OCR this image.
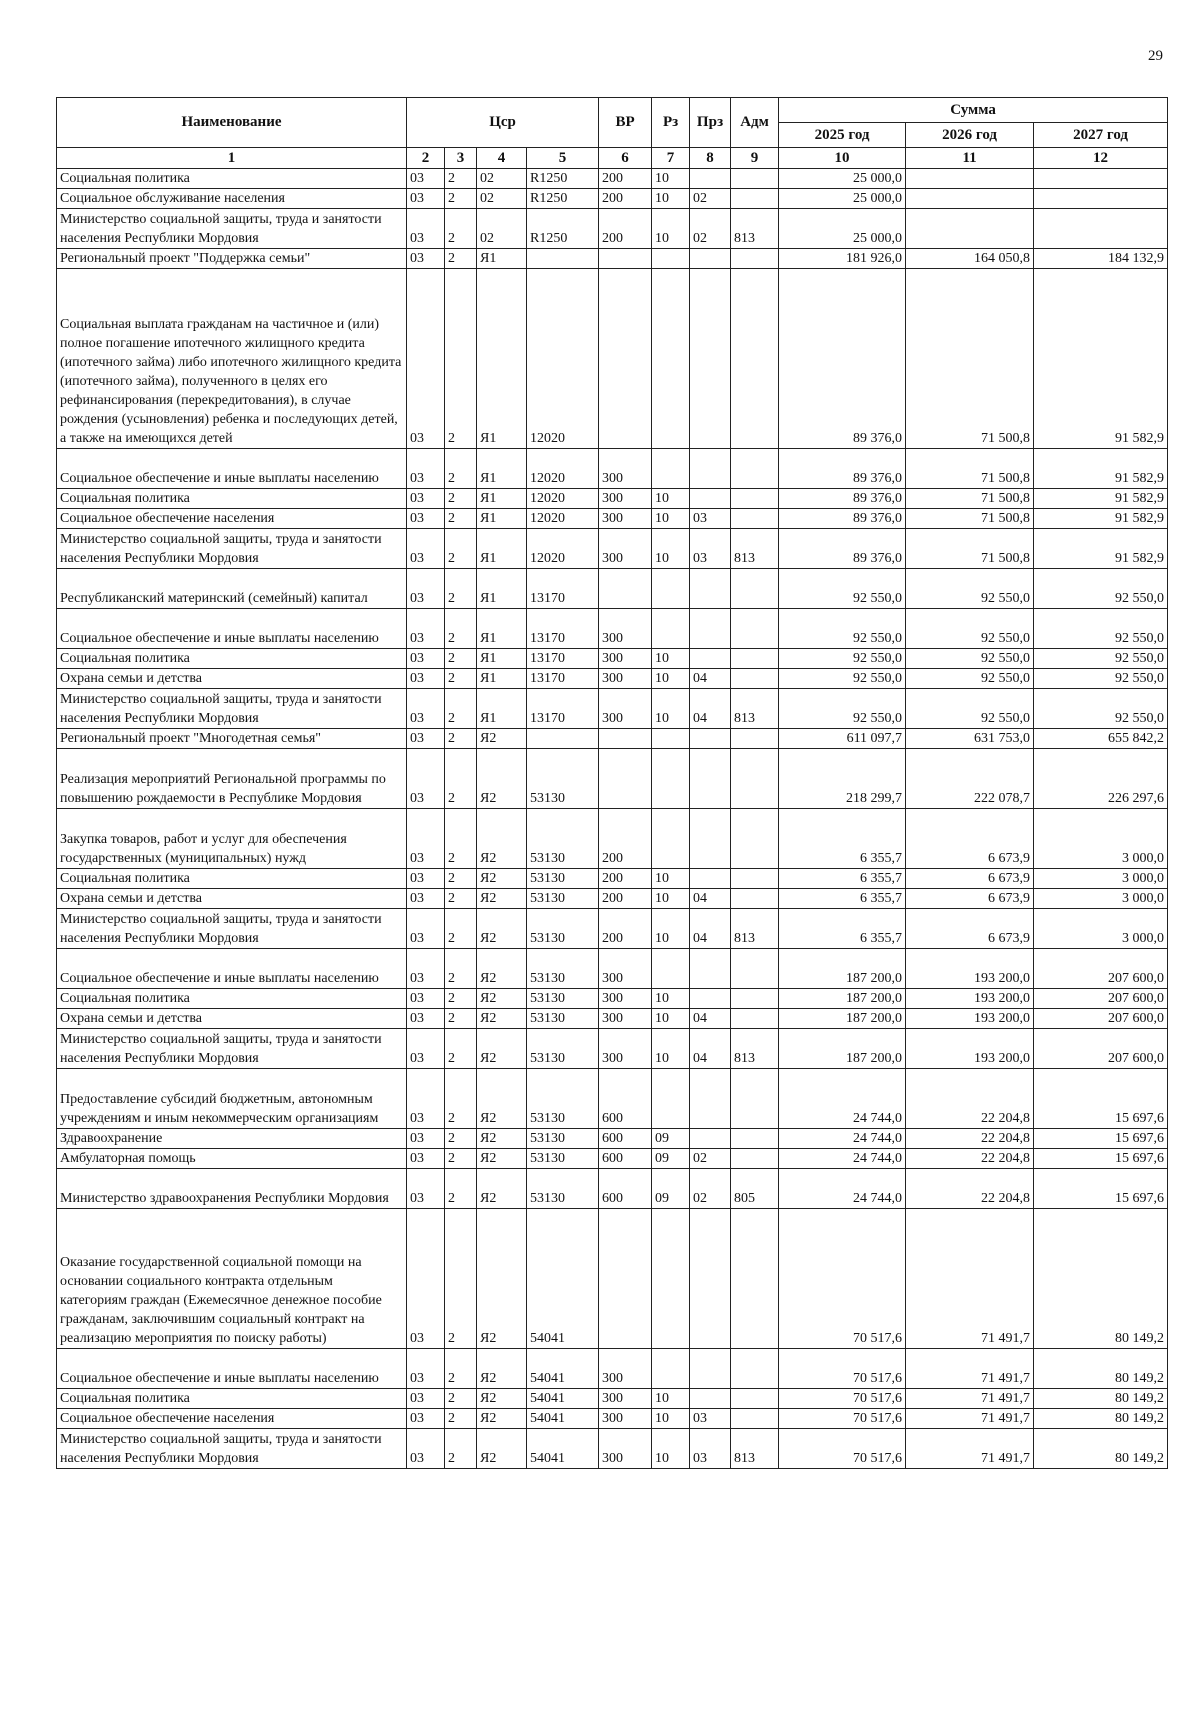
29
Наименование	Цср				ВР	Рз	Прз	Адм	Сумма		
									2025 год	2026 год	2027 год
1	2	3	4	5	6	7	8	9	10	11	12
Социальная политика	03	2	02	R1250	200	10			25 000,0		
Социальное обслуживание населения	03	2	02	R1250	200	10	02		25 000,0		
Министерство социальной защиты, труда и занятости населения Республики Мордовия	03	2	02	R1250	200	10	02	813	25 000,0		
Региональный проект "Поддержка семьи"	03	2	Я1						181 926,0	164 050,8	184 132,9
Социальная выплата гражданам на частичное и (или) полное погашение ипотечного жилищного кредита (ипотечного займа) либо ипотечного жилищного кредита (ипотечного займа), полученного в целях его рефинансирования (перекредитования), в случае рождения (усыновления) ребенка и последующих детей, а также на имеющихся детей	03	2	Я1	12020					89 376,0	71 500,8	91 582,9
Социальное обеспечение и иные выплаты населению	03	2	Я1	12020	300				89 376,0	71 500,8	91 582,9
Социальная политика	03	2	Я1	12020	300	10			89 376,0	71 500,8	91 582,9
Социальное обеспечение населения	03	2	Я1	12020	300	10	03		89 376,0	71 500,8	91 582,9
Министерство социальной защиты, труда и занятости населения Республики Мордовия	03	2	Я1	12020	300	10	03	813	89 376,0	71 500,8	91 582,9
Республиканский материнский (семейный) капитал	03	2	Я1	13170					92 550,0	92 550,0	92 550,0
Социальное обеспечение и иные выплаты населению	03	2	Я1	13170	300				92 550,0	92 550,0	92 550,0
Социальная политика	03	2	Я1	13170	300	10			92 550,0	92 550,0	92 550,0
Охрана семьи и детства	03	2	Я1	13170	300	10	04		92 550,0	92 550,0	92 550,0
Министерство социальной защиты, труда и занятости населения Республики Мордовия	03	2	Я1	13170	300	10	04	813	92 550,0	92 550,0	92 550,0
Региональный проект "Многодетная семья"	03	2	Я2						611 097,7	631 753,0	655 842,2
Реализация мероприятий Региональной программы по повышению рождаемости в Республике Мордовия	03	2	Я2	53130					218 299,7	222 078,7	226 297,6
Закупка товаров, работ и услуг для обеспечения государственных (муниципальных) нужд	03	2	Я2	53130	200				6 355,7	6 673,9	3 000,0
Социальная политика	03	2	Я2	53130	200	10			6 355,7	6 673,9	3 000,0
Охрана семьи и детства	03	2	Я2	53130	200	10	04		6 355,7	6 673,9	3 000,0
Министерство социальной защиты, труда и занятости населения Республики Мордовия	03	2	Я2	53130	200	10	04	813	6 355,7	6 673,9	3 000,0
Социальное обеспечение и иные выплаты населению	03	2	Я2	53130	300				187 200,0	193 200,0	207 600,0
Социальная политика	03	2	Я2	53130	300	10			187 200,0	193 200,0	207 600,0
Охрана семьи и детства	03	2	Я2	53130	300	10	04		187 200,0	193 200,0	207 600,0
Министерство социальной защиты, труда и занятости населения Республики Мордовия	03	2	Я2	53130	300	10	04	813	187 200,0	193 200,0	207 600,0
Предоставление субсидий бюджетным, автономным учреждениям и иным некоммерческим организациям	03	2	Я2	53130	600				24 744,0	22 204,8	15 697,6
Здравоохранение	03	2	Я2	53130	600	09			24 744,0	22 204,8	15 697,6
Амбулаторная помощь	03	2	Я2	53130	600	09	02		24 744,0	22 204,8	15 697,6
Министерство здравоохранения Республики Мордовия	03	2	Я2	53130	600	09	02	805	24 744,0	22 204,8	15 697,6
Оказание государственной социальной помощи на основании социального контракта отдельным категориям граждан (Ежемесячное денежное пособие гражданам, заключившим социальный контракт на реализацию мероприятия по поиску работы)	03	2	Я2	54041					70 517,6	71 491,7	80 149,2
Социальное обеспечение и иные выплаты населению	03	2	Я2	54041	300				70 517,6	71 491,7	80 149,2
Социальная политика	03	2	Я2	54041	300	10			70 517,6	71 491,7	80 149,2
Социальное обеспечение населения	03	2	Я2	54041	300	10	03		70 517,6	71 491,7	80 149,2
Министерство социальной защиты, труда и занятости населения Республики Мордовия	03	2	Я2	54041	300	10	03	813	70 517,6	71 491,7	80 149,2
